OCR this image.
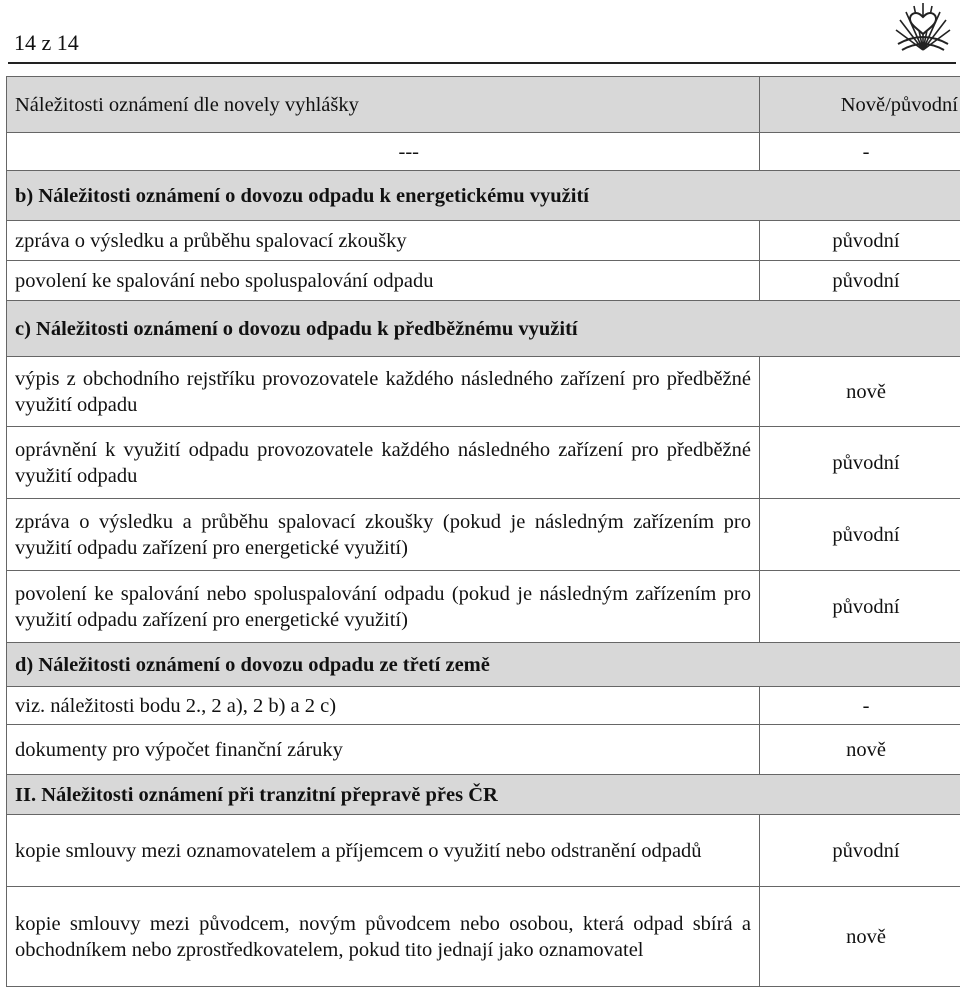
14 z 14
Náležitosti oznámení dle novely vyhlášky	Nově/původní
---	-
b) Náležitosti oznámení o dovozu odpadu k energetickému využití	
zpráva o výsledku a průběhu spalovací zkoušky	původní
povolení ke spalování nebo spoluspalování odpadu	původní
c) Náležitosti oznámení o dovozu odpadu k předběžnému využití	
výpis z obchodního rejstříku provozovatele každého následného zařízení pro předběžné využití odpadu	nově
oprávnění k využití odpadu provozovatele každého následného zařízení pro předběžné využití odpadu	původní
zpráva o výsledku a průběhu spalovací zkoušky (pokud je následným zařízením pro využití odpadu zařízení pro energetické využití)	původní
povolení ke spalování nebo spoluspalování odpadu (pokud je následným zařízením pro využití odpadu zařízení pro energetické využití)	původní
d) Náležitosti oznámení o dovozu odpadu ze třetí země	
viz. náležitosti bodu 2., 2 a), 2 b) a 2 c)	-
dokumenty pro výpočet finanční záruky	nově
II. Náležitosti oznámení při tranzitní přepravě přes ČR	
kopie smlouvy mezi oznamovatelem a příjemcem o využití nebo odstranění odpadů	původní
kopie smlouvy mezi původcem, novým původcem nebo osobou, která odpad sbírá a obchodníkem nebo zprostředkovatelem, pokud tito jednají jako oznamovatel	nově
